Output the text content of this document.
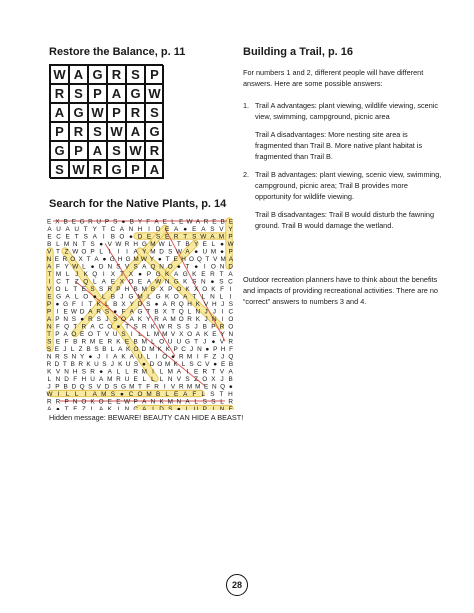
Restore the Balance, p. 11
W A G R S P
R S P A G W
A G W P R S
P R S W A G
G P A S W R
S W R G P A
Search for the Native Plants, p. 14
E X B E G R U P S ● B Y F A E L E W A R E B E
A U A U T Y T C A N H I D E A ● E A S V Y
E C E T S A I B O ● D E S E R T S W A M P
B L M N T S ● V W R H G M W L T B Y E L ● W
V T Z W O P L I I I A Y M D S W A ● U M ● P
N E R O X T A ● G H G M W Y ● T E H O Q T V M A
A F Y W L ● D N S V S A Q N O ● T ● I O N D
T M L J K Q I X T X ● P G K A G K E R T A
I C T Z Q L A E X O E A W N G K S N ● S C
V O L T E S S R P H B M B X P O K X O K F I
E G A L O ● L B J G M L G K O A T L N L I
P ● G F I T K L B X Y D S ● A R Q H K V H J S
P I E W D A R S ● F A G T B X T Q L N J J I C
A P N S ● R S J S O A K Y R A M O R K J N I O
N F Q T R A C O ● T S R K W R S S J B P R O
T P A O E O T V U S I L L M M V X O A K E Y N
S E F B R M E R K E B M L O U U G T J ● V R
S E J L Z B S B L A K O D M K K P C J N ● P H F
N R S N Y ● J I A K A U L I O ● R M I F Z J Q
R D T B R K U S J K U S ● D O M K L S C V ● E B
K V N H S R ● A L L R M I L M A I E R T V A
L N D F H U A M R U E L L L N V S Z O X J B
J P B D Q S V D S G M T F R I V R M M E N Q ●
W I L L I A M S ● C O M B L E A F L S T H
R R P N O K O E E W P A N K M N A L S S L R
A ● T F Z L A K I N C A I D S ● L U P I N E
Hidden message: BEWARE! BEAUTY CAN HIDE A BEAST!
Building a Trail, p. 16
For numbers 1 and 2, different people will have different answers. Here are some possible answers:
1. Trail A advantages: plant viewing, wildlife viewing, scenic view, swimming, campground, picnic area
Trail A disadvantages: More nesting site area is fragmented than Trail B. More native plant habitat is fragmented than Trail B.
2. Trail B advantages: plant viewing, scenic view, swimming, campground, picnic area; Trail B provides more opportunity for wildlife viewing.
Trail B disadvantages: Trail B would disturb the fawning ground. Trail B would damage the wetland.
Outdoor recreation planners have to think about the benefits and impacts of providing recreational activities. There are no “correct” answers to numbers 3 and 4.
28
